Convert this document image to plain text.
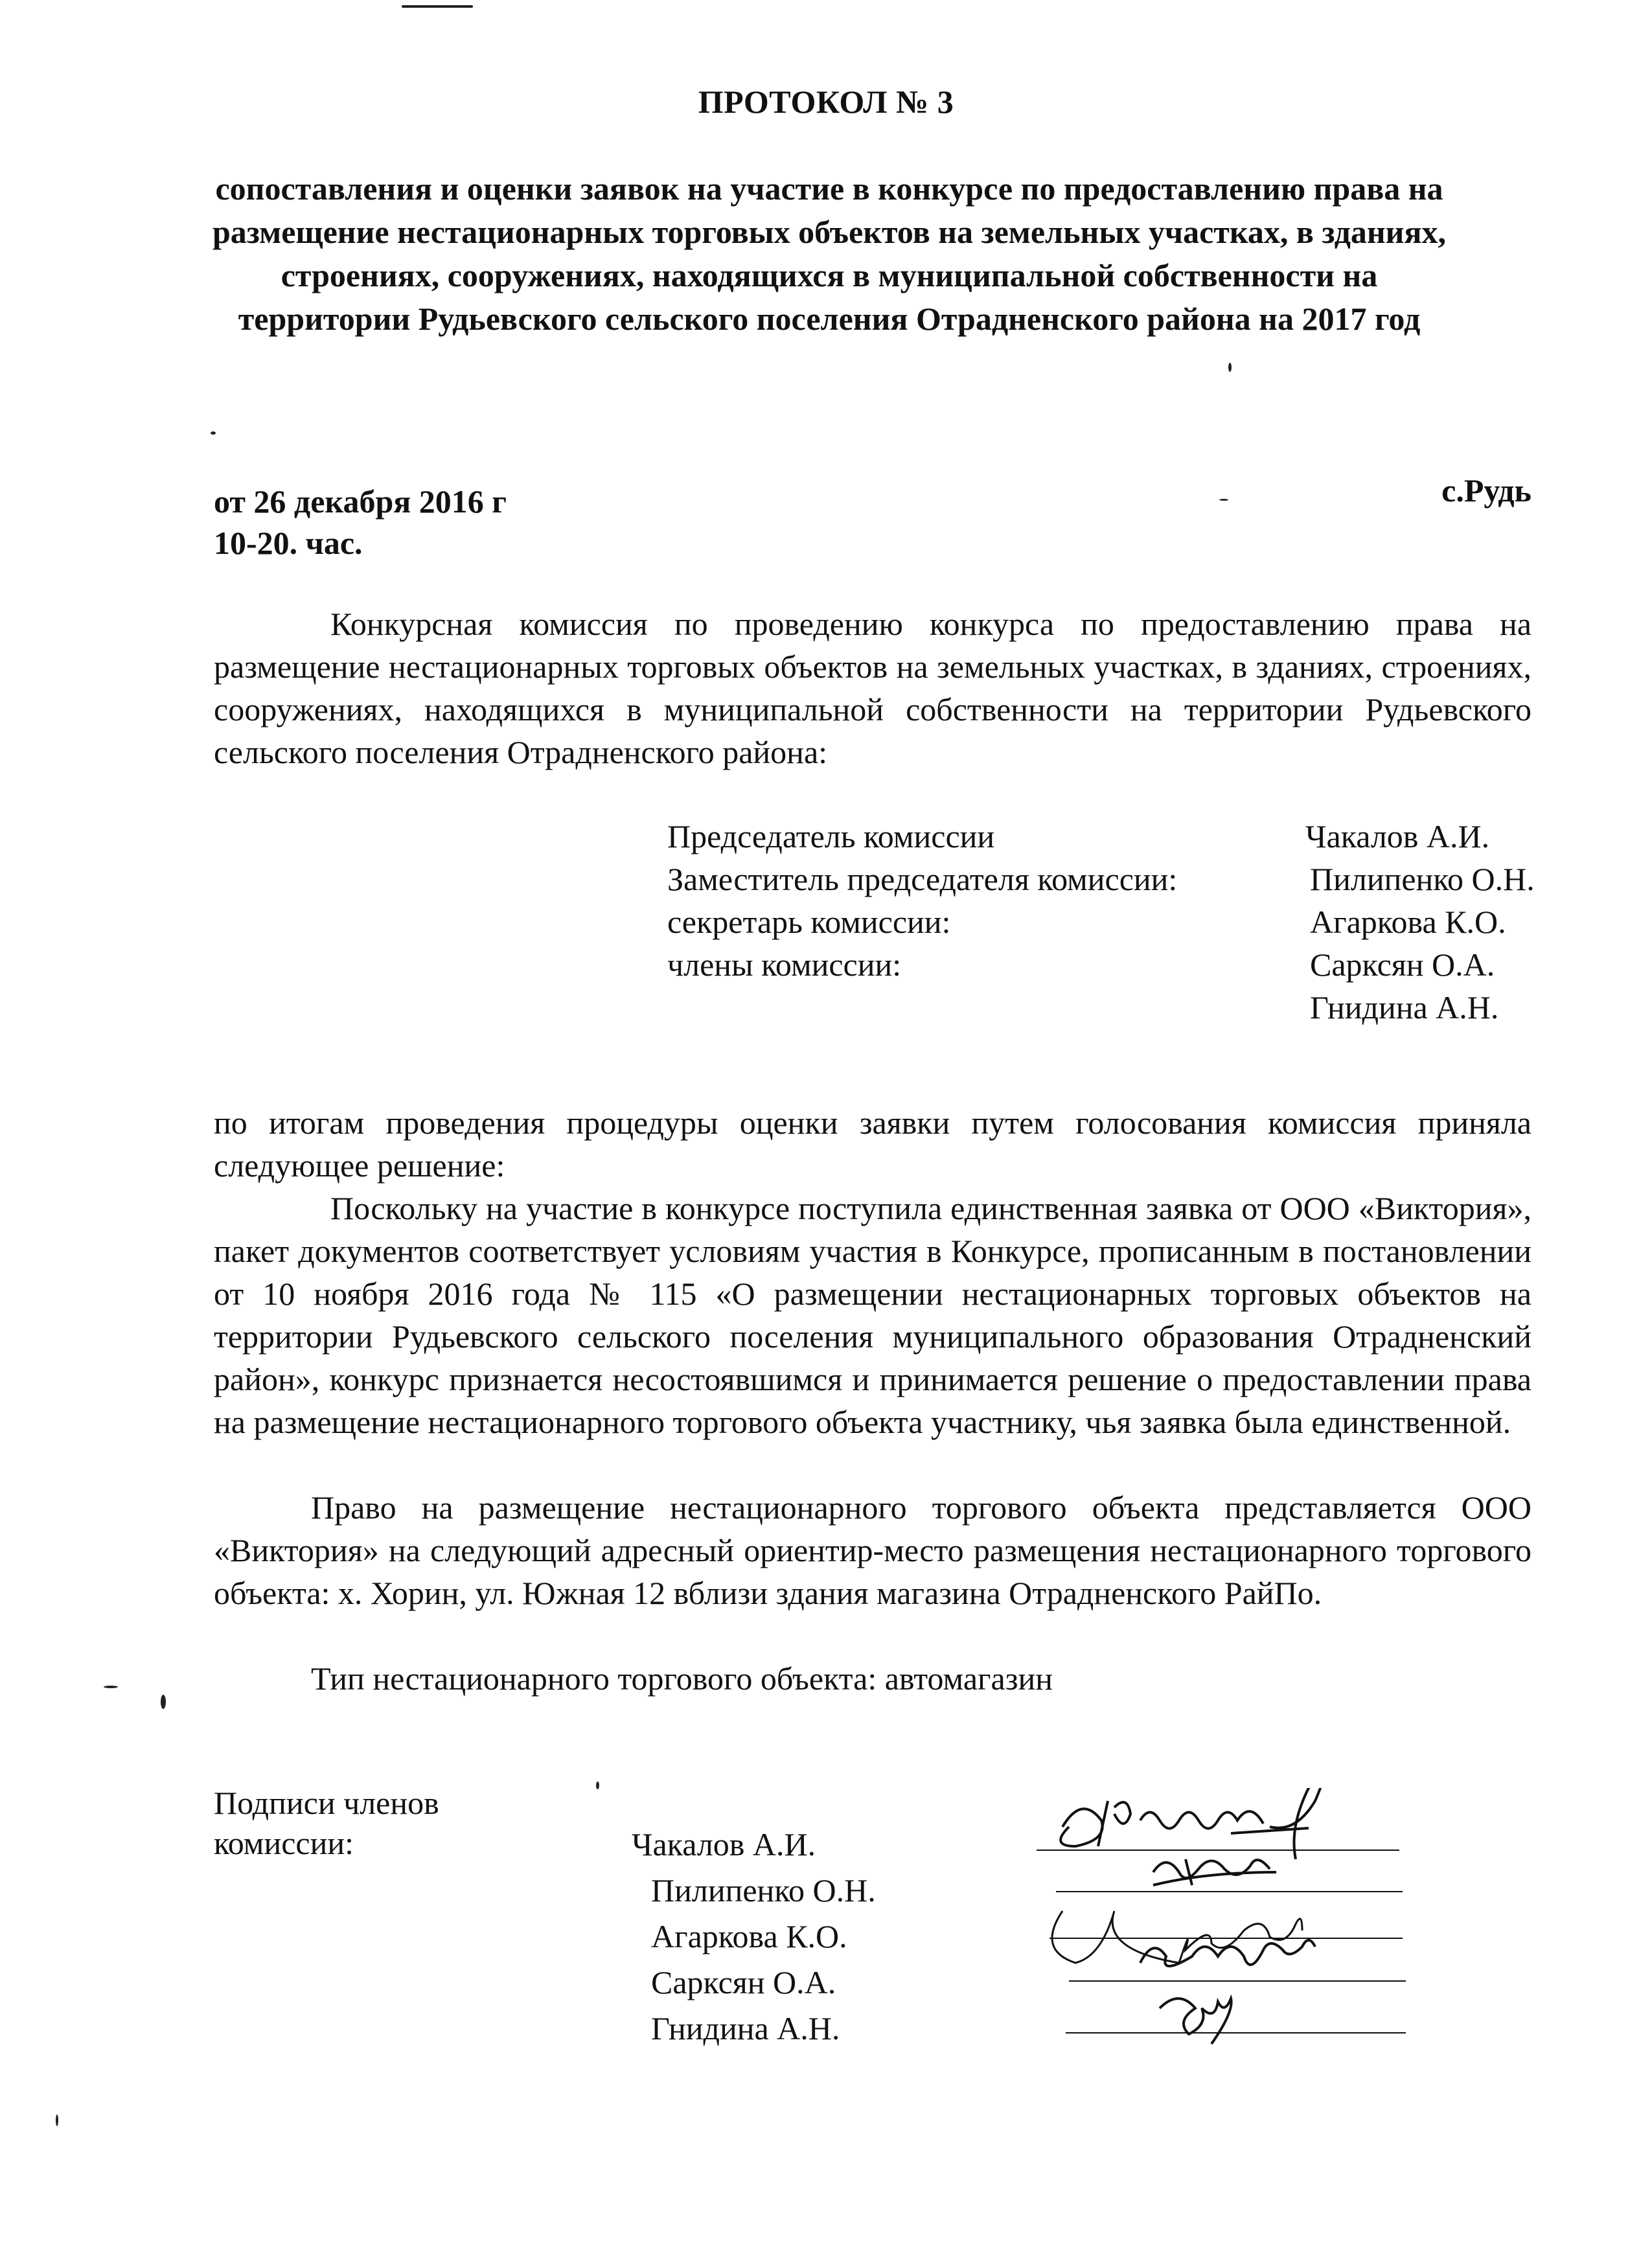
ПРОТОКОЛ № 3
сопоставления и оценки заявок на участие в конкурсе по предоставлению права на размещение нестационарных торговых объектов на земельных участках, в зданиях, строениях, сооружениях, находящихся в муниципальной собственности на территории Рудьевского сельского поселения Отрадненского района на 2017 год
от 26 декабря 2016 г
10-20. час.
с.Рудь
Конкурсная комиссия по проведению конкурса по предоставлению права на размещение нестационарных торговых объектов на земельных участках, в зданиях, строениях, сооружениях, находящихся в муниципальной собственности на территории Рудьевского сельского поселения Отрадненского района:
Председатель комиссии	Чакалов А.И.
Заместитель председателя комиссии:	Пилипенко О.Н.
секретарь комиссии:	Агаркова К.О.
члены комиссии:	Сарксян О.А.
Гнидина А.Н.
по итогам проведения процедуры оценки заявки путем голосования комиссия приняла следующее решение:
Поскольку на участие в конкурсе поступила единственная заявка от ООО «Виктория», пакет документов соответствует условиям участия в Конкурсе, прописанным в постановлении от 10 ноября 2016 года № 115 «О размещении нестационарных торговых объектов на территории Рудьевского сельского поселения муниципального образования Отрадненский район», конкурс признается несостоявшимся и принимается решение о предоставлении права на размещение нестационарного торгового объекта участнику, чья заявка была единственной.
Право на размещение нестационарного торгового объекта представляется ООО «Виктория» на следующий адресный ориентир-место размещения нестационарного торгового объекта: х. Хорин, ул. Южная 12 вблизи здания магазина Отрадненского РайПо.
Тип нестационарного торгового объекта: автомагазин
Подписи членов комиссии:	Чакалов А.И.
Пилипенко О.Н.
Агаркова К.О.
Сарксян О.А.
Гнидина А.Н.
